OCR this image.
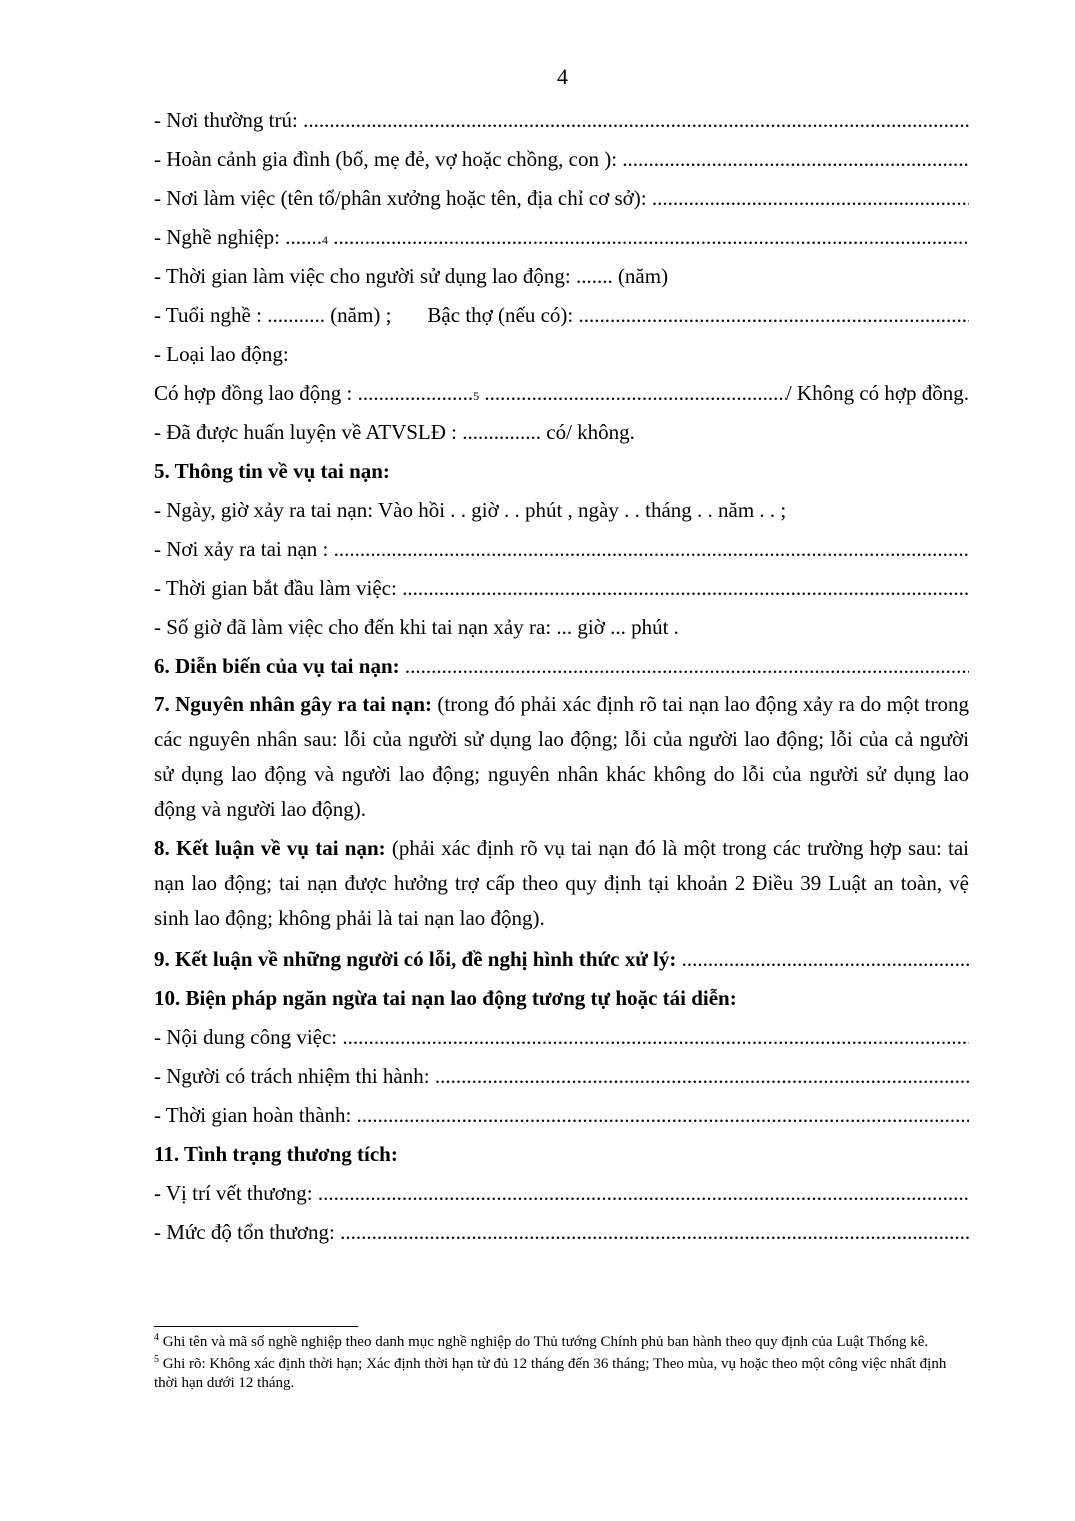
4
- Nơi thường trú:

.....
- Hoàn cảnh gia đình (bố, mẹ đẻ, vợ hoặc chồng, con ):

.....
- Nơi làm việc (tên tổ/phân xưởng hoặc tên, địa chỉ cơ sở):

.....
- Nghề nghiệp: ....... 4

.....
- Thời gian làm việc cho người sử dụng lao động: ....... (năm)
- Tuổi nghề : ........... (năm) ; Bậc thợ (nếu có):

.....
- Loại lao động:
Có hợp đồng lao động : ...................... 5

.....	/ Không có hợp đồng.
- Đã được huấn luyện về ATVSLĐ : ............... có/ không.
5. Thông tin về vụ tai nạn:
- Ngày, giờ xảy ra tai nạn: Vào hồi . . giờ . . phút , ngày . . tháng . . năm . . ;
- Nơi xảy ra tai nạn :

.....
- Thời gian bắt đầu làm việc:

.....
- Số giờ đã làm việc cho đến khi tai nạn xảy ra: ... giờ ... phút .
6. Diễn biến của vụ tai nạn:

.....

7. Nguyên nhân gây ra tai nạn: (trong đó phải xác định rõ tai nạn lao động xảy ra do một trong các nguyên nhân sau: lỗi của người sử dụng lao động; lỗi của người lao động; lỗi của cả người sử dụng lao động và người lao động; nguyên nhân khác không do lỗi của người sử dụng lao động và người lao động).

8. Kết luận về vụ tai nạn: (phải xác định rõ vụ tai nạn đó là một trong các trường hợp sau: tai nạn lao động; tai nạn được hưởng trợ cấp theo quy định tại khoản 2 Điều 39 Luật an toàn, vệ sinh lao động; không phải là tai nạn lao động).

9. Kết luận về những người có lỗi, đề nghị hình thức xử lý:

.....
10. Biện pháp ngăn ngừa tai nạn lao động tương tự hoặc tái diễn:
- Nội dung công việc:

.....
- Người có trách nhiệm thi hành:

.....
- Thời gian hoàn thành:

.....
11. Tình trạng thương tích:
- Vị trí vết thương:

.....
- Mức độ tổn thương:

.....

$^4$ Ghi tên và mã số nghề nghiệp theo danh mục nghề nghiệp do Thủ tướng Chính phủ ban hành theo quy định của Luật Thống kê.

$^5$ Ghi rõ: Không xác định thời hạn; Xác định thời hạn từ đủ 12 tháng đến 36 tháng; Theo mùa, vụ hoặc theo một công việc nhất định thời hạn dưới 12 tháng.
